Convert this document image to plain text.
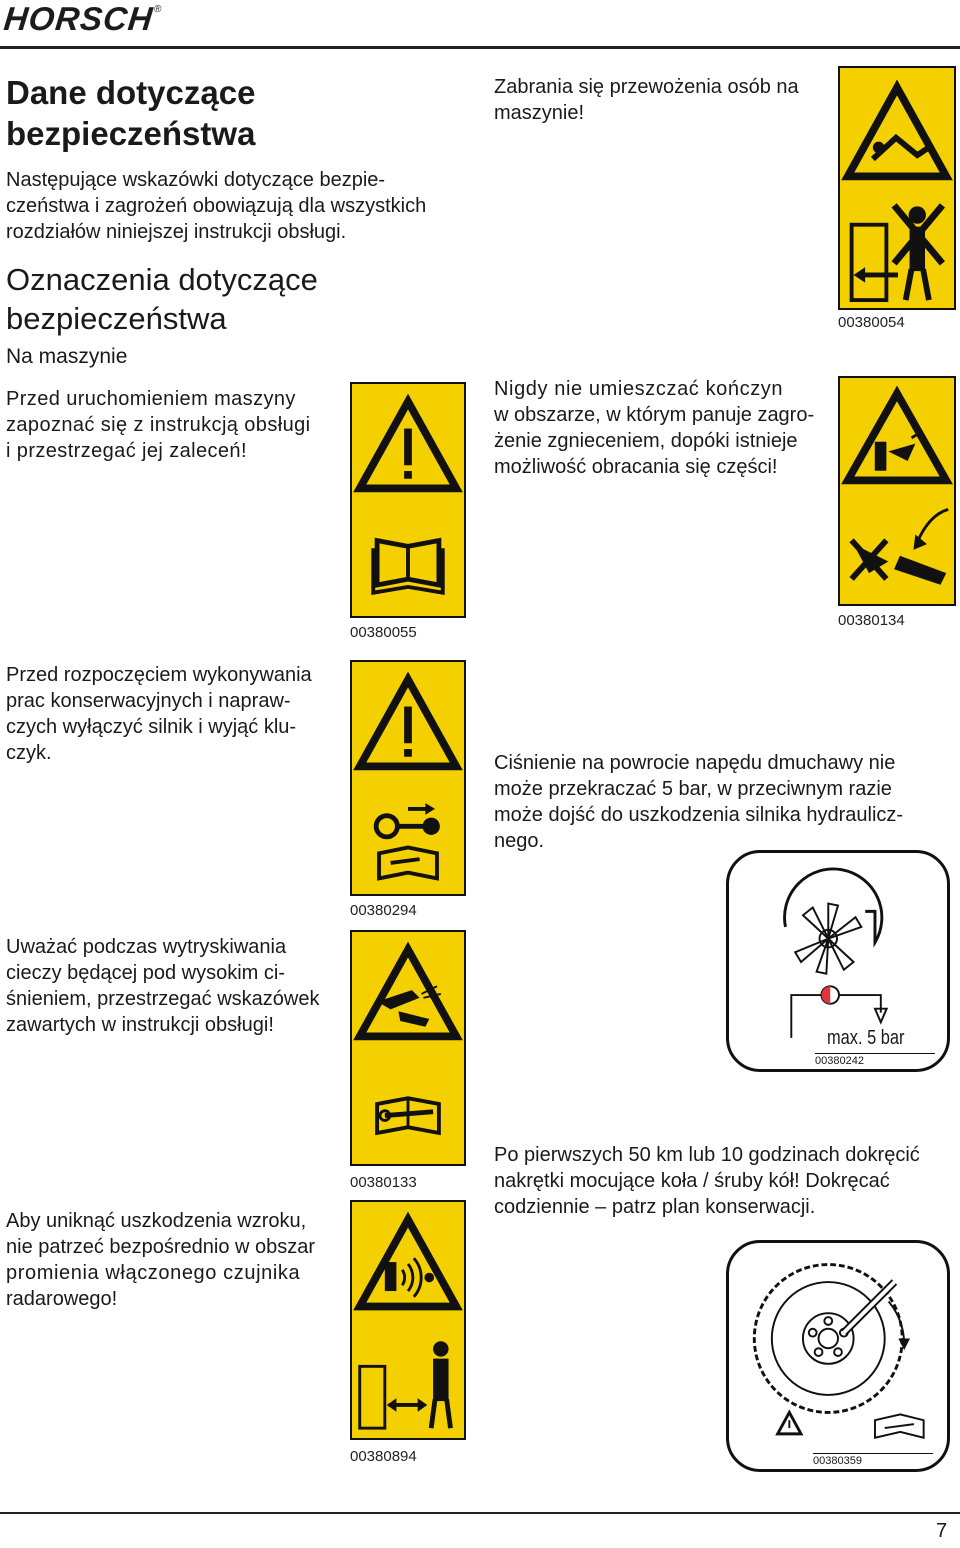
HORSCH®
Dane dotyczące
bezpieczeństwa
Następujące wskazówki dotyczące bezpie-
czeństwa i zagrożeń obowiązują dla wszystkich
rozdziałów niniejszej instrukcji obsługi.
Oznaczenia dotyczące
bezpieczeństwa
Na maszynie
Przed uruchomieniem maszyny
zapoznać się z instrukcją obsługi
i przestrzegać jej zaleceń!
00380055
Zabrania się przewożenia osób na
maszynie!
00380054
Nigdy nie umieszczać kończyn
w obszarze, w którym panuje zagro-
żenie zgnieceniem, dopóki istnieje
możliwość obracania się części!
00380134
Przed rozpoczęciem wykonywania
prac konserwacyjnych i napraw-
czych wyłączyć silnik i wyjąć klu-
czyk.
00380294
Ciśnienie na powrocie napędu dmuchawy nie
może przekraczać 5 bar, w przeciwnym razie
może dojść do uszkodzenia silnika hydraulicz-
nego.
max. 5 bar
00380242
Uważać podczas wytryskiwania
cieczy będącej pod wysokim ci-
śnieniem, przestrzegać wskazówek
zawartych w instrukcji obsługi!
00380133
Po pierwszych 50 km lub 10 godzinach dokręcić
nakrętki mocujące koła / śruby kół! Dokręcać
codziennie – patrz plan konserwacji.
00380359
Aby uniknąć uszkodzenia wzroku,
nie patrzeć bezpośrednio w obszar
promienia włączonego czujnika
radarowego!
00380894
7
